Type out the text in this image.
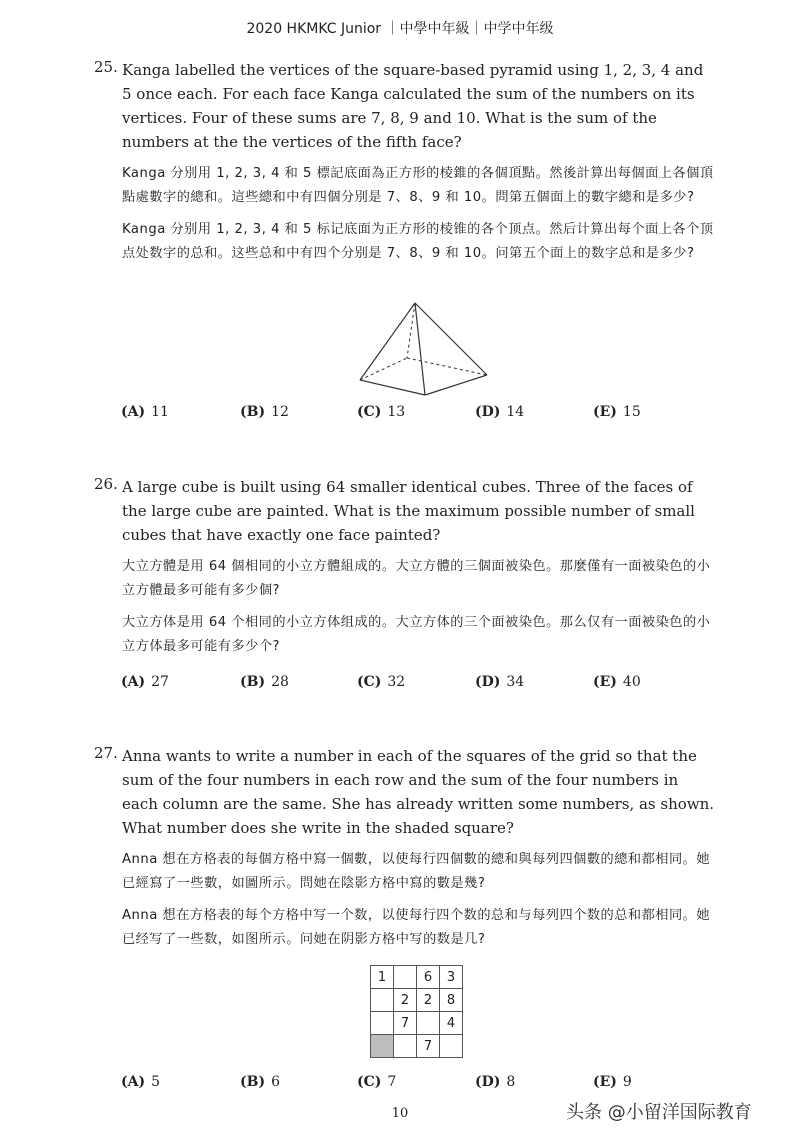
2020 HKMKC Junior ｜中學中年級｜中学中年级
25. Kanga labelled the vertices of the square-based pyramid using 1, 2, 3, 4 and 5 once each. For each face Kanga calculated the sum of the numbers on its vertices. Four of these sums are 7, 8, 9 and 10. What is the sum of the numbers at the the vertices of the fifth face?
Kanga 分別用 1, 2, 3, 4 和 5 標記底面為正方形的棱錐的各個頂點。然後計算出每個面上各個頂點處數字的總和。這些總和中有四個分別是 7、8、9 和 10。問第五個面上的數字總和是多少?
Kanga 分别用 1, 2, 3, 4 和 5 标记底面为正方形的棱锥的各个顶点。然后计算出每个面上各个顶点处数字的总和。这些总和中有四个分别是 7、8、9 和 10。问第五个面上的数字总和是多少?
(A) 11	(B) 12	(C) 13	(D) 14	(E) 15
26. A large cube is built using 64 smaller identical cubes. Three of the faces of the large cube are painted. What is the maximum possible number of small cubes that have exactly one face painted?
大立方體是用 64 個相同的小立方體組成的。大立方體的三個面被染色。那麼僅有一面被染色的小立方體最多可能有多少個?
大立方体是用 64 个相同的小立方体组成的。大立方体的三个面被染色。那么仅有一面被染色的小立方体最多可能有多少个?
(A) 27	(B) 28	(C) 32	(D) 34	(E) 40
27. Anna wants to write a number in each of the squares of the grid so that the sum of the four numbers in each row and the sum of the four numbers in each column are the same. She has already written some numbers, as shown. What number does she write in the shaded square?
Anna 想在方格表的每個方格中寫一個數，以使每行四個數的總和與每列四個數的總和都相同。她已經寫了一些數，如圖所示。問她在陰影方格中寫的數是幾?
Anna 想在方格表的每个方格中写一个数，以使每行四个数的总和与每列四个数的总和都相同。她已经写了一些数，如图所示。问她在阴影方格中写的数是几?
1		6	3
	2	2	8
	7		4
		7	
(A) 5	(B) 6	(C) 7	(D) 8	(E) 9
10	头条 @小留洋国际教育
